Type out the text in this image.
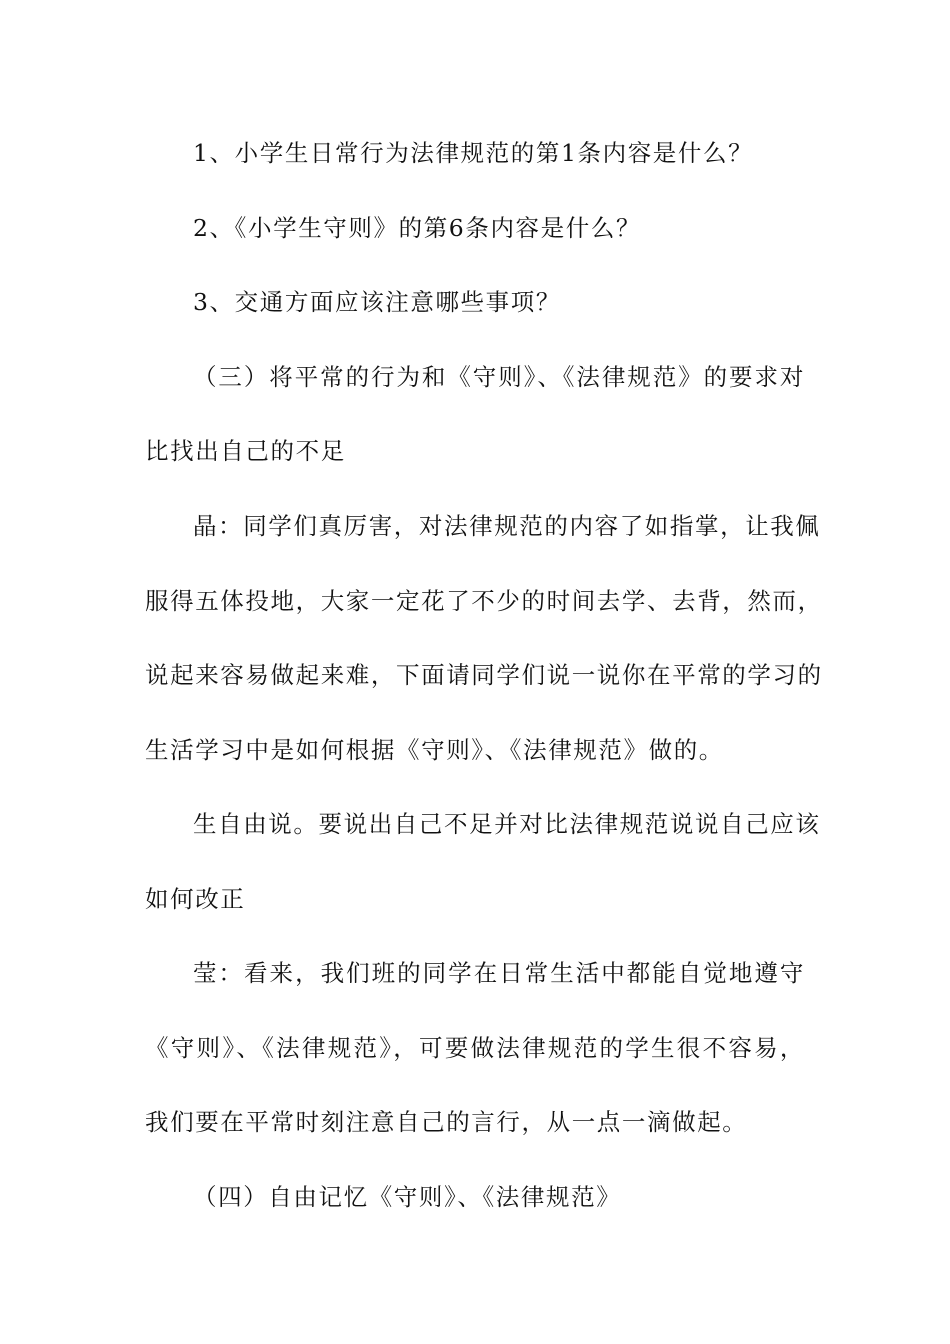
1、小学生日常行为法律规范的第1条内容是什么？
2、《小学生守则》的第6条内容是什么？
3、交通方面应该注意哪些事项？
（三）将平常的行为和《守则》、《法律规范》的要求对
比找出自己的不足
晶：同学们真厉害，对法律规范的内容了如指掌，让我佩
服得五体投地，大家一定花了不少的时间去学、去背，然而，
说起来容易做起来难，下面请同学们说一说你在平常的学习的
生活学习中是如何根据《守则》、《法律规范》做的。
生自由说。要说出自己不足并对比法律规范说说自己应该
如何改正
莹：看来，我们班的同学在日常生活中都能自觉地遵守
《守则》、《法律规范》，可要做法律规范的学生很不容易，
我们要在平常时刻注意自己的言行，从一点一滴做起。
（四）自由记忆《守则》、《法律规范》
